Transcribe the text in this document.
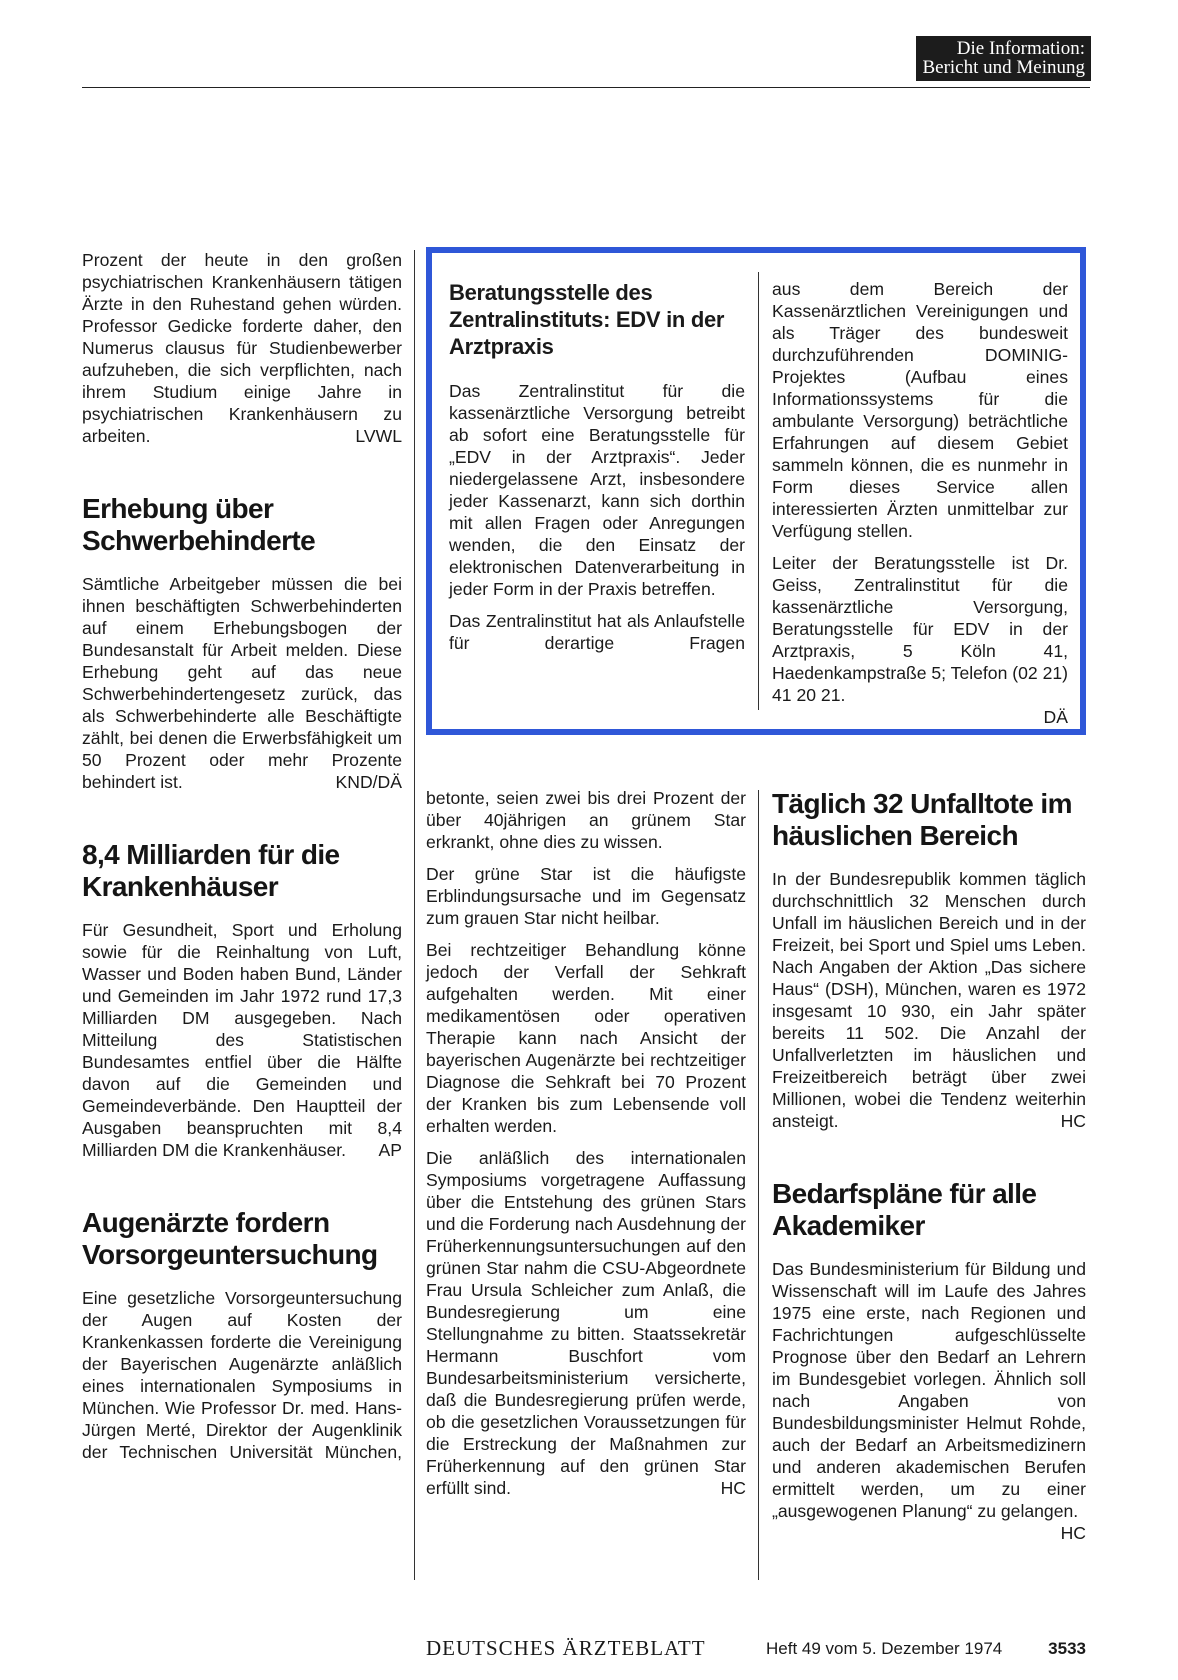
Die Information:
Bericht und Meinung

Prozent der heute in den großen psychiatrischen Krankenhäusern tätigen Ärzte in den Ruhestand gehen würden. Professor Gedicke forderte daher, den Numerus clausus für Studienbewerber aufzuheben, die sich verpflichten, nach ihrem Studium einige Jahre in psychiatrischen Krankenhäusern zu arbeiten.	LVWL

Erhebung über Schwerbehinderte

Sämtliche Arbeitgeber müssen die bei ihnen beschäftigten Schwerbehinderten auf einem Erhebungsbogen der Bundesanstalt für Arbeit melden. Diese Erhebung geht auf das neue Schwerbehindertengesetz zurück, das als Schwerbehinderte alle Beschäftigte zählt, bei denen die Erwerbsfähigkeit um 50 Prozent oder mehr Prozente behindert ist.	KND/DÄ

8,4 Milliarden für die Krankenhäuser

Für Gesundheit, Sport und Erholung sowie für die Reinhaltung von Luft, Wasser und Boden haben Bund, Länder und Gemeinden im Jahr 1972 rund 17,3 Milliarden DM ausgegeben. Nach Mitteilung des Statistischen Bundesamtes entfiel über die Hälfte davon auf die Gemeinden und Gemeindeverbände. Den Hauptteil der Ausgaben beanspruchten mit 8,4 Milliarden DM die Krankenhäuser. AP

Augenärzte fordern Vorsorgeuntersuchung

Eine gesetzliche Vorsorgeuntersuchung der Augen auf Kosten der Krankenkassen forderte die Vereinigung der Bayerischen Augenärzte anläßlich eines internationalen Symposiums in München. Wie Professor Dr. med. Hans-Jürgen Merté, Direktor der Augenklinik der Technischen Universität München,

Beratungsstelle des Zentralinstituts: EDV in der Arztpraxis

Das Zentralinstitut für die kassenärztliche Versorgung betreibt ab sofort eine Beratungsstelle für „EDV in der Arztpraxis“. Jeder niedergelassene Arzt, insbesondere jeder Kassenarzt, kann sich dorthin mit allen Fragen oder Anregungen wenden, die den Einsatz der elektronischen Datenverarbeitung in jeder Form in der Praxis betreffen.

Das Zentralinstitut hat als Anlaufstelle für derartige Fragen

aus dem Bereich der Kassenärztlichen Vereinigungen und als Träger des bundesweit durchzuführenden DOMINIG-Projektes (Aufbau eines Informationssystems für die ambulante Versorgung) beträchtliche Erfahrungen auf diesem Gebiet sammeln können, die es nunmehr in Form dieses Service allen interessierten Ärzten unmittelbar zur Verfügung stellen.

Leiter der Beratungsstelle ist Dr. Geiss, Zentralinstitut für die kassenärztliche Versorgung, Beratungsstelle für EDV in der Arztpraxis, 5 Köln 41, Haedenkampstraße 5; Telefon (02 21) 41 20 21.

DÄ

betonte, seien zwei bis drei Prozent der über 40jährigen an grünem Star erkrankt, ohne dies zu wissen.

Der grüne Star ist die häufigste Erblindungsursache und im Gegensatz zum grauen Star nicht heilbar.

Bei rechtzeitiger Behandlung könne jedoch der Verfall der Sehkraft aufgehalten werden. Mit einer medikamentösen oder operativen Therapie kann nach Ansicht der bayerischen Augenärzte bei rechtzeitiger Diagnose die Sehkraft bei 70 Prozent der Kranken bis zum Lebensende voll erhalten werden.

Die anläßlich des internationalen Symposiums vorgetragene Auffassung über die Entstehung des grünen Stars und die Forderung nach Ausdehnung der Früherkennungsuntersuchungen auf den grünen Star nahm die CSU-Abgeordnete Frau Ursula Schleicher zum Anlaß, die Bundesregierung um eine Stellungnahme zu bitten. Staatssekretär Hermann Buschfort vom Bundesarbeitsministerium versicherte, daß die Bundesregierung prüfen werde, ob die gesetzlichen Voraussetzungen für die Erstreckung der Maßnahmen zur Früherkennung auf den grünen Star erfüllt sind.	HC

Täglich 32 Unfalltote im häuslichen Bereich

In der Bundesrepublik kommen täglich durchschnittlich 32 Menschen durch Unfall im häuslichen Bereich und in der Freizeit, bei Sport und Spiel ums Leben. Nach Angaben der Aktion „Das sichere Haus“ (DSH), München, waren es 1972 insgesamt 10 930, ein Jahr später bereits 11 502. Die Anzahl der Unfallverletzten im häuslichen und Freizeitbereich beträgt über zwei Millionen, wobei die Tendenz weiterhin ansteigt.	HC

Bedarfspläne für alle Akademiker

Das Bundesministerium für Bildung und Wissenschaft will im Laufe des Jahres 1975 eine erste, nach Regionen und Fachrichtungen aufgeschlüsselte Prognose über den Bedarf an Lehrern im Bundesgebiet vorlegen. Ähnlich soll nach Angaben von Bundesbildungsminister Helmut Rohde, auch der Bedarf an Arbeitsmedizinern und anderen akademischen Berufen ermittelt werden, um zu einer „ausgewogenen Planung“ zu gelangen.
HC

DEUTSCHES ÄRZTEBLATT	Heft 49 vom 5. Dezember 1974	3533
